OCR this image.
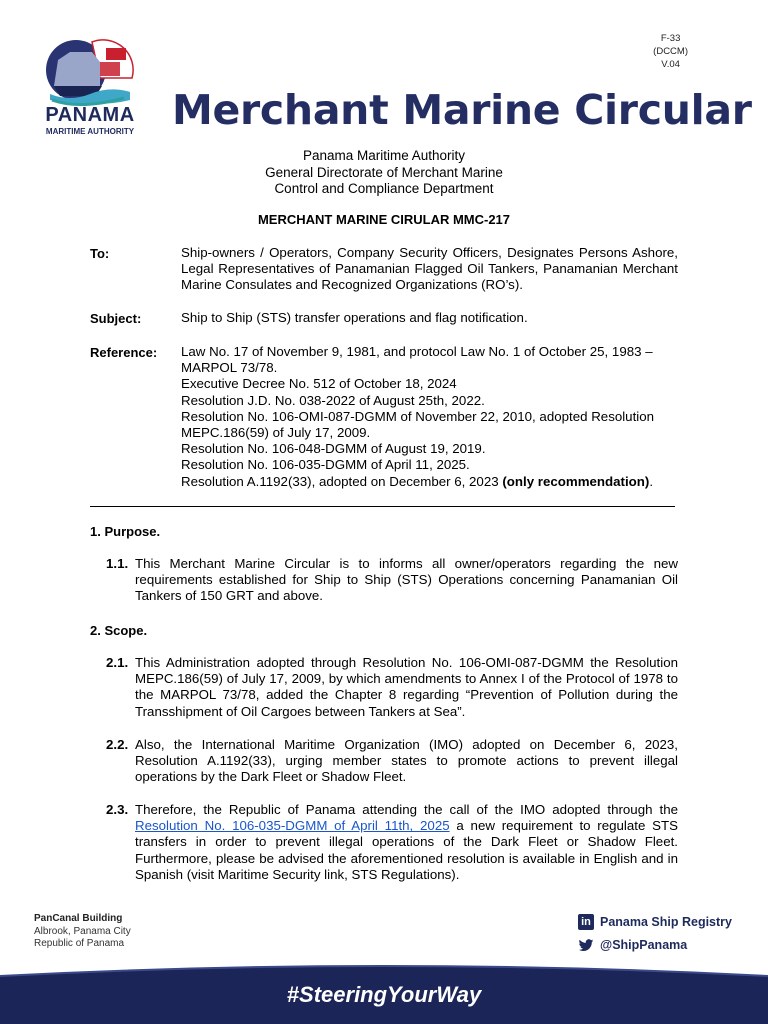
PANAMA
MARITIME AUTHORITY
F-33
(DCCM)
V.04
Merchant Marine Circular
Panama Maritime Authority
General Directorate of Merchant Marine
Control and Compliance Department
MERCHANT MARINE CIRULAR MMC-217
To:	Ship-owners / Operators, Company Security Officers, Designates Persons Ashore, Legal Representatives of Panamanian Flagged Oil Tankers, Panamanian Merchant Marine Consulates and Recognized Organizations (RO’s).
Subject:	Ship to Ship (STS) transfer operations and flag notification.
Reference: Law No. 17 of November 9, 1981, and protocol Law No. 1 of October 25, 1983 –
MARPOL 73/78.
Executive Decree No. 512 of October 18, 2024
Resolution J.D. No. 038-2022 of August 25th, 2022.
Resolution No. 106-OMI-087-DGMM of November 22, 2010, adopted Resolution
MEPC.186(59) of July 17, 2009.
Resolution No. 106-048-DGMM of August 19, 2019.
Resolution No. 106-035-DGMM of April 11, 2025.
Resolution A.1192(33), adopted on December 6, 2023 (only recommendation).
1. Purpose.
1.1. This Merchant Marine Circular is to informs all owner/operators regarding the new requirements established for Ship to Ship (STS) Operations concerning Panamanian Oil Tankers of 150 GRT and above.
2. Scope.
2.1. This Administration adopted through Resolution No. 106-OMI-087-DGMM the Resolution MEPC.186(59) of July 17, 2009, by which amendments to Annex I of the Protocol of 1978 to the MARPOL 73/78, added the Chapter 8 regarding “Prevention of Pollution during the Transshipment of Oil Cargoes between Tankers at Sea”.
2.2. Also, the International Maritime Organization (IMO) adopted on December 6, 2023, Resolution A.1192(33), urging member states to promote actions to prevent illegal operations by the Dark Fleet or Shadow Fleet.
2.3. Therefore, the Republic of Panama attending the call of the IMO adopted through the Resolution No. 106-035-DGMM of April 11th, 2025 a new requirement to regulate STS transfers in order to prevent illegal operations of the Dark Fleet or Shadow Fleet. Furthermore, please be advised the aforementioned resolution is available in English and in Spanish (visit Maritime Security link, STS Regulations).
PanCanal Building
Albrook, Panama City
Republic of Panama
in Panama Ship Registry
@ShipPanama
#SteeringYourWay
